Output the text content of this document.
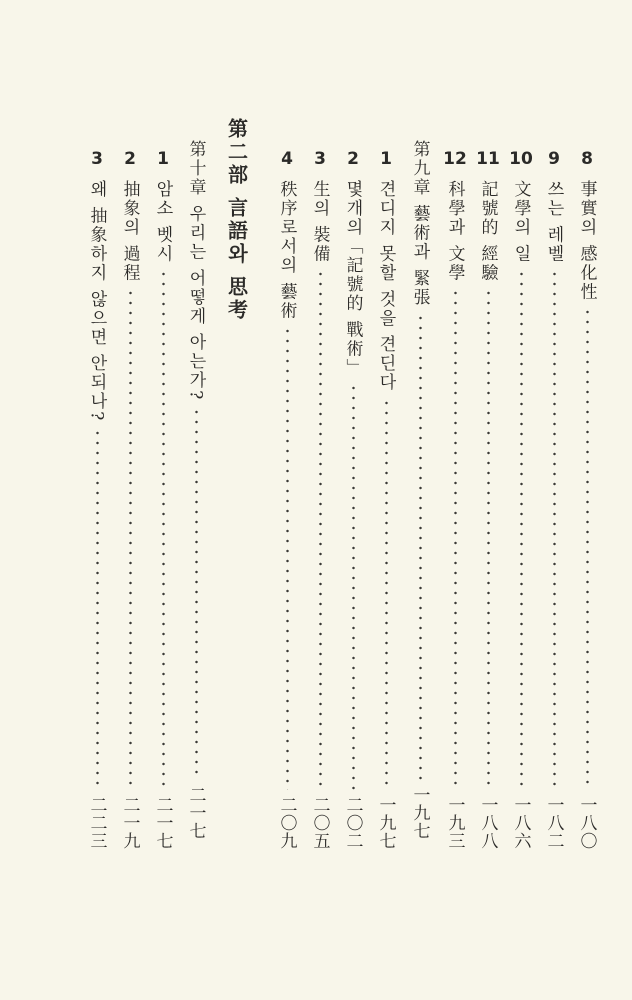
8
事實의 感化性
一八〇
9
쓰는 레벨
一八二
10
文學의 일
一八六
11
記號的 經驗
一八八
12
科學과 文學
一九三
第九章 藝術과 緊張
一九七
1
견디지 못할 것을 견딘다
一九七
2
몇개의「記號的 戰術」
二〇二
3
生의 裝備
二〇五
4
秩序로서의 藝術
二〇九
第二部 言語와 思考
第十章 우리는 어떻게 아는가?
二一七
1
암소 벳시
二一七
2
抽象의 過程
二一九
3
왜 抽象하지 않으면 안되나?
二二三
